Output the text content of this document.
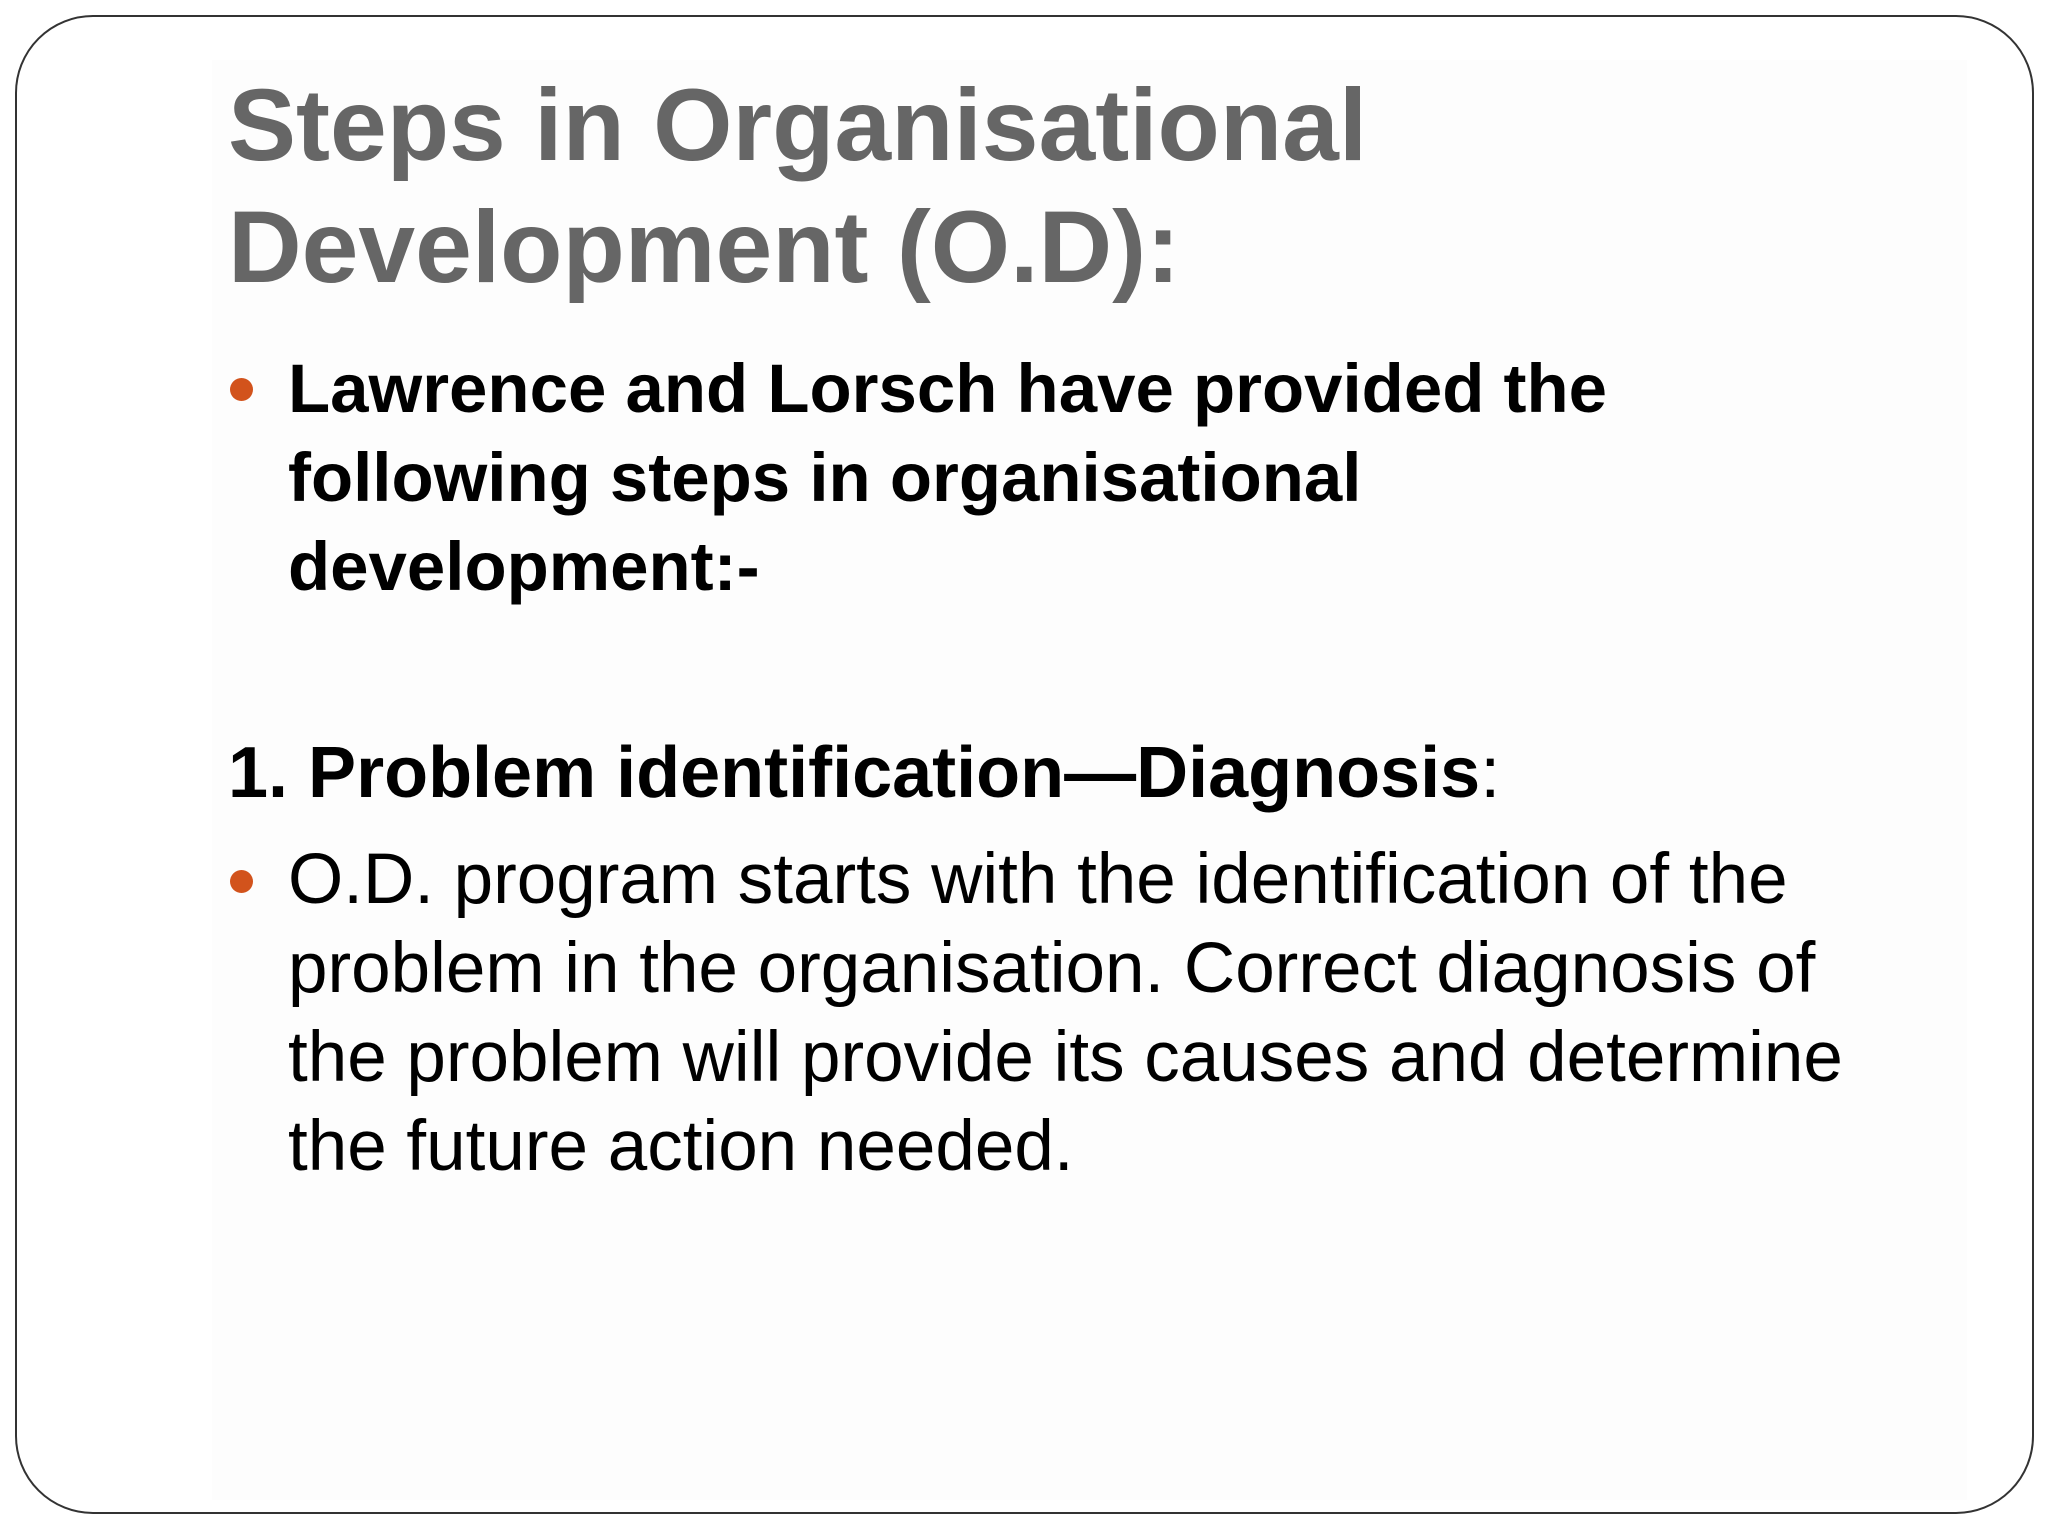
Steps in Organisational
Development (O.D):
Lawrence and Lorsch have provided the
following steps in organisational
development:-
1. Problem identification—Diagnosis:
O.D. program starts with the identification of the
problem in the organisation. Correct diagnosis of
the problem will provide its causes and determine
the future action needed.
